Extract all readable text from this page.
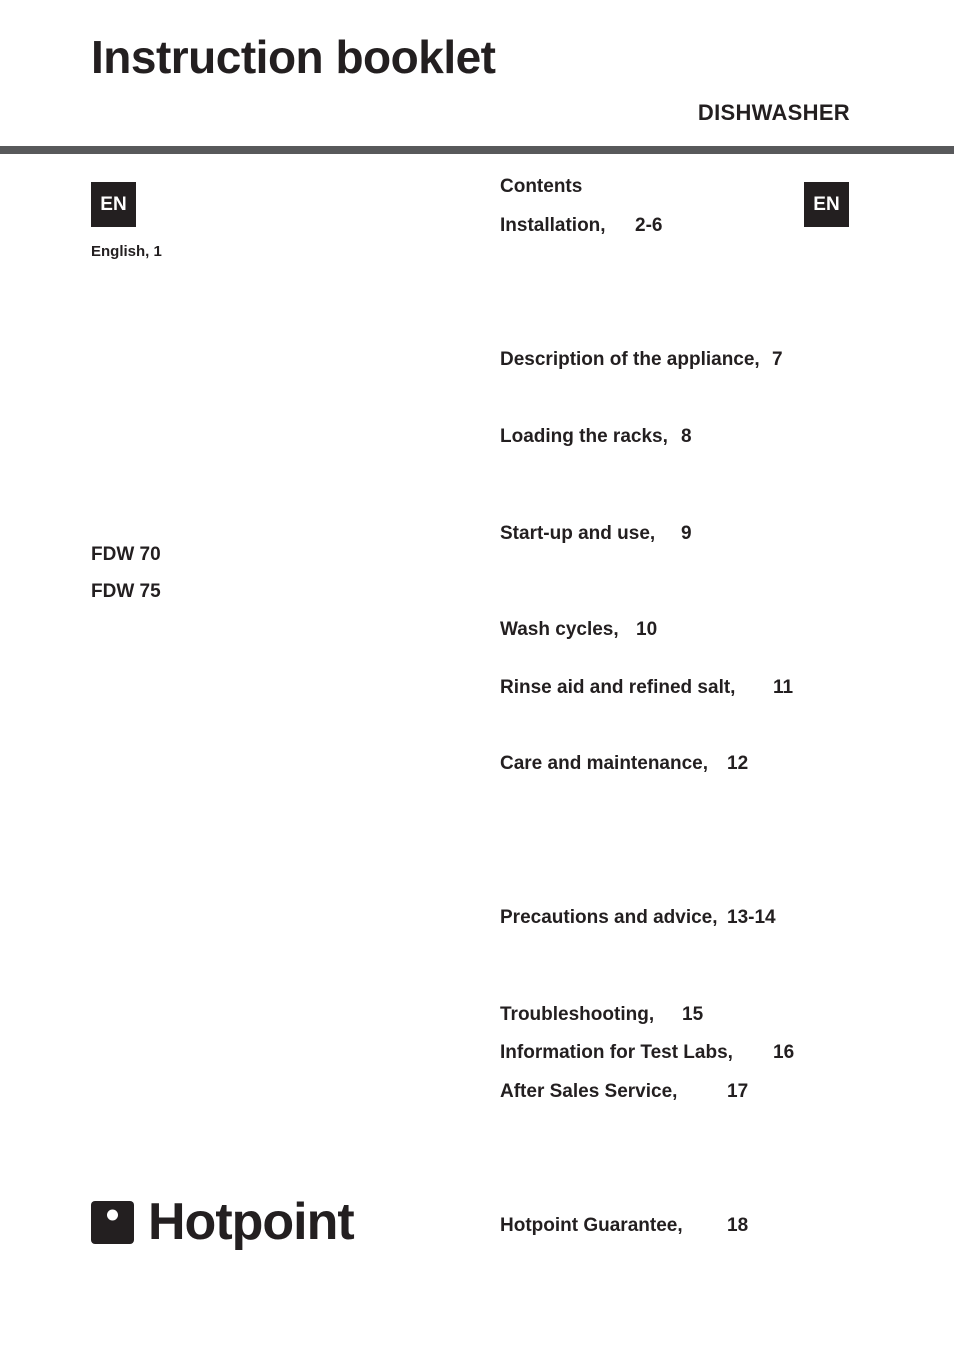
Instruction booklet
DISHWASHER
EN
English, 1
FDW 70
FDW 75
Contents
EN
Installation, 2-6
Description of the appliance, 7
Loading the racks, 8
Start-up and use, 9
Wash cycles, 10
Rinse aid and refined salt, 11
Care and maintenance, 12
Precautions and advice, 13-14
Troubleshooting, 15
Information for Test Labs, 16
After Sales Service,	17
Hotpoint Guarantee, 18
Hotpoint
